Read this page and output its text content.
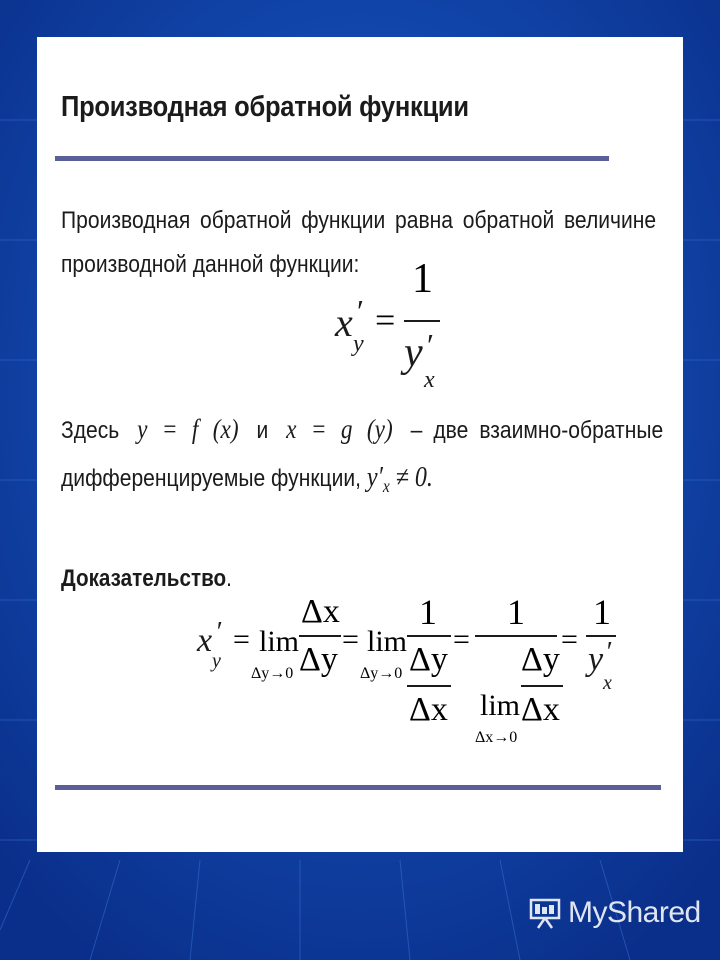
Производная обратной функции
Производная обратной функции равна обратной величине
производной данной функции:
x ′
y
=
1
y ′
x
Здесь y = f (x) и x = g (y) – две взаимно-обратные
дифференцируемые функции, $y'_x \ne 0$.
Доказательство.
x ′
y
= lim
Δy→0
Δx
Δy
= lim
Δy→0
1
Δy
Δx
=
1
lim
Δx→0
Δy
Δx
=
1
y ′
x
MyShared
